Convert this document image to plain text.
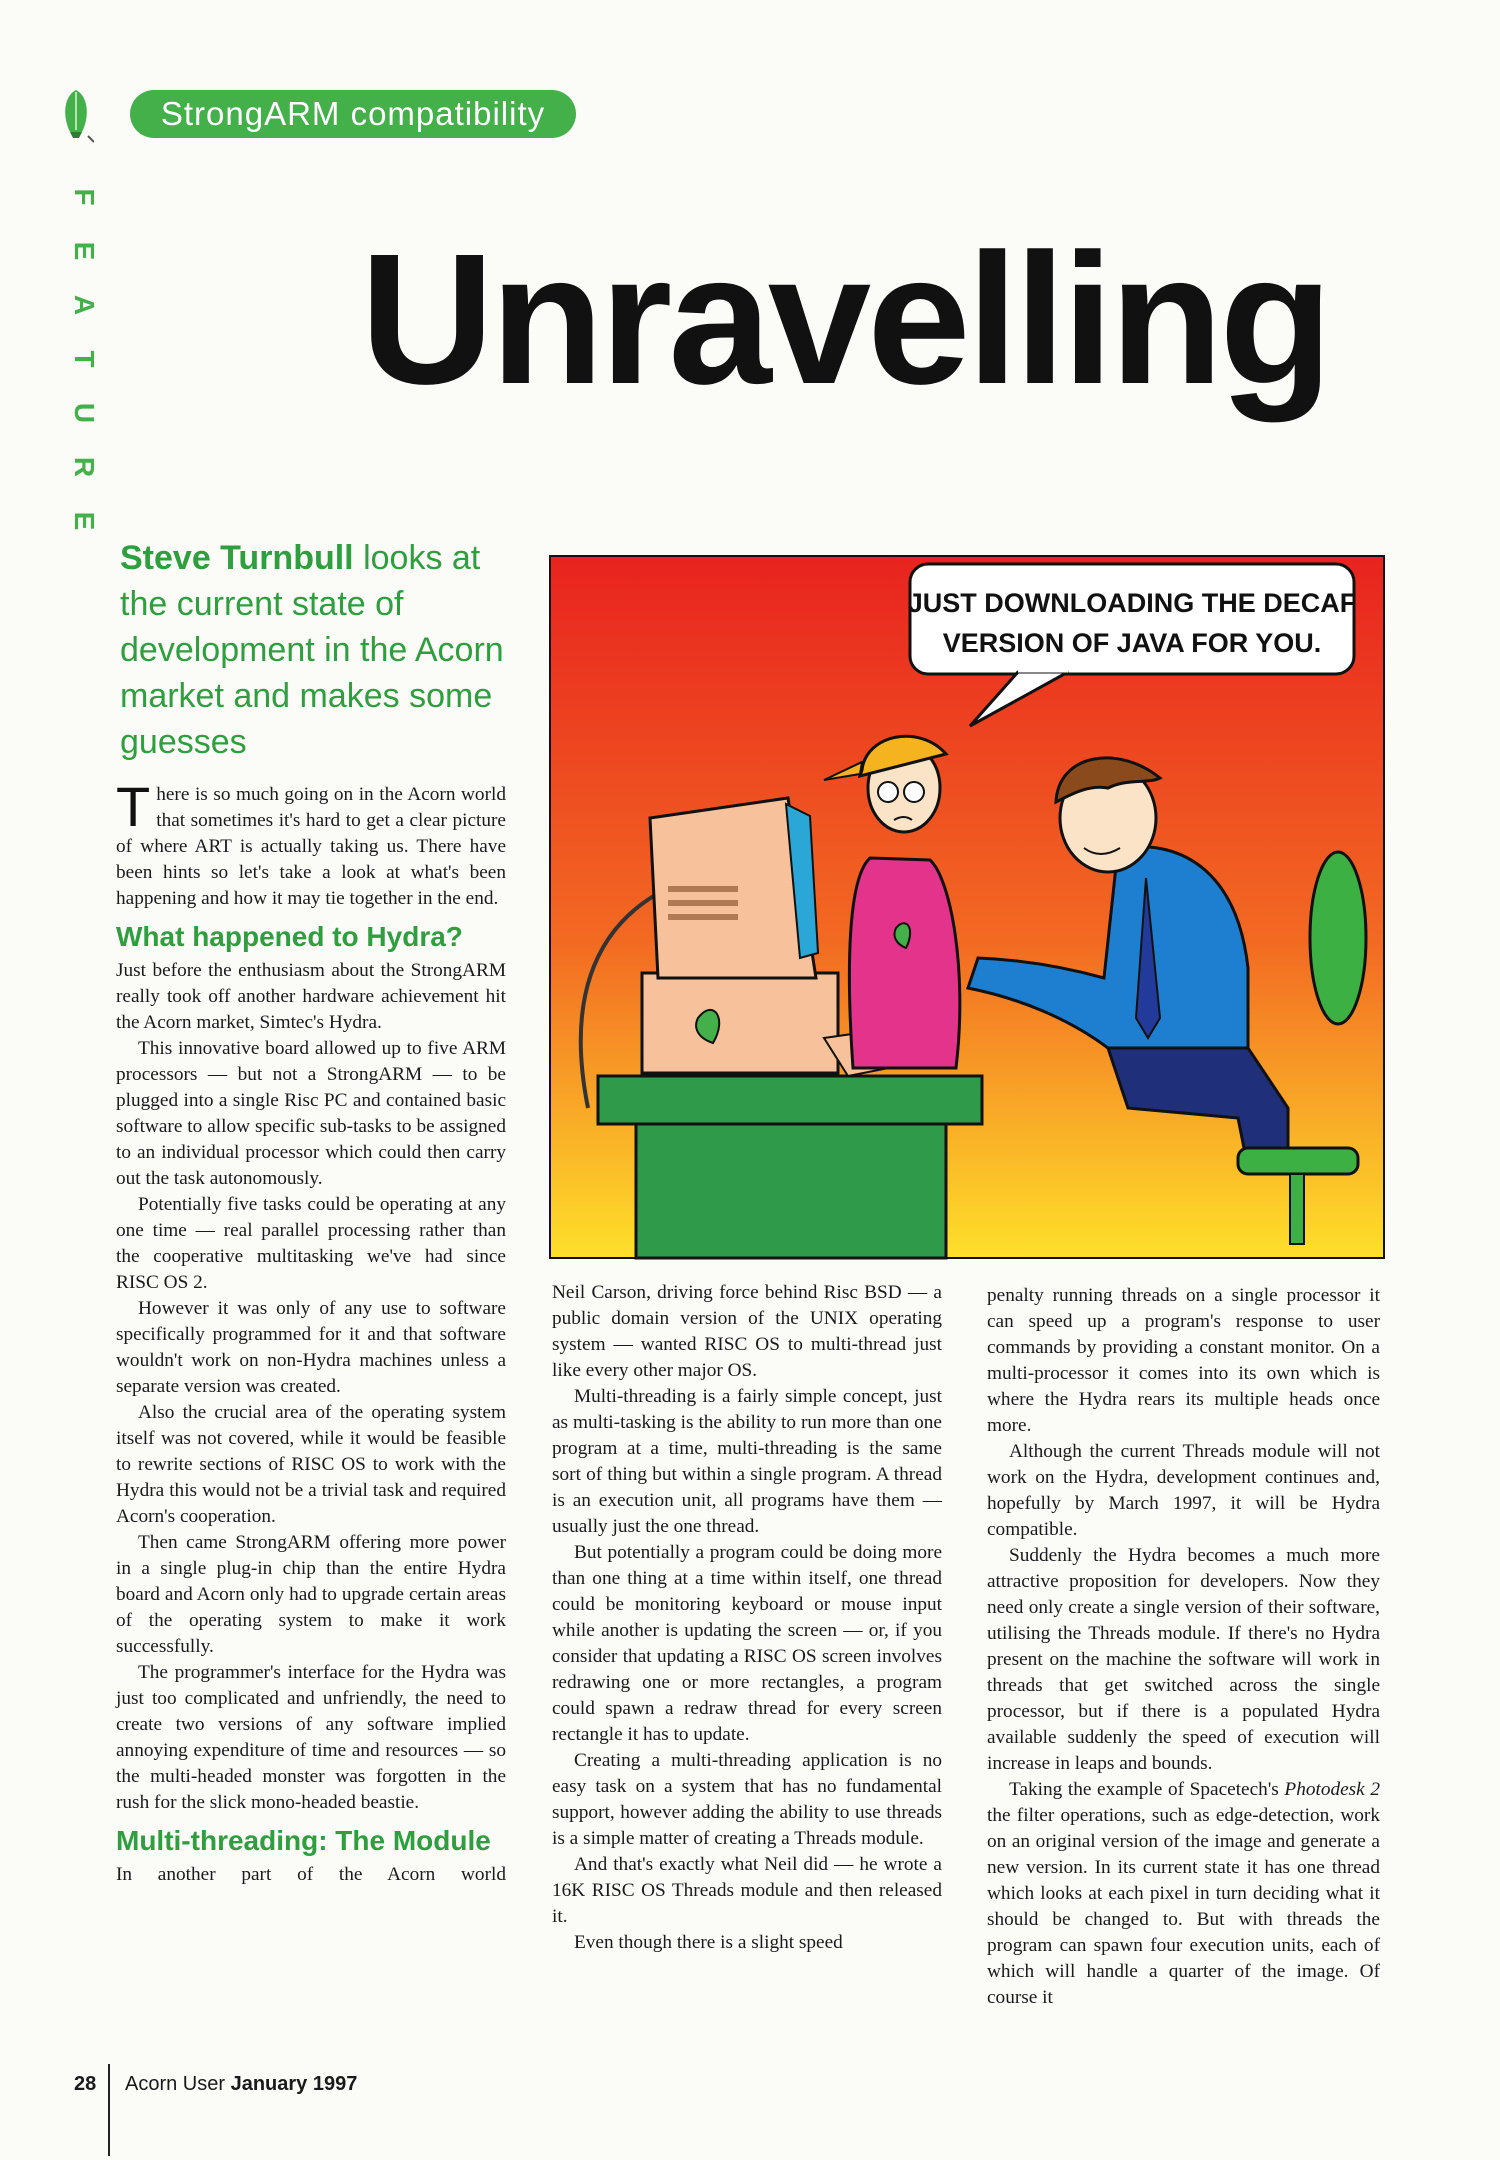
StrongARM compatibility
F
E
A
T
U
R
E
Unravelling

Steve Turnbull looks at the current state of development in the Acorn market and makes some guesses

There is so much going on in the Acorn world that sometimes it's hard to get a clear picture of where ART is actually taking us. There have been hints so let's take a look at what's been happening and how it may tie together in the end.

What happened to Hydra?

Just before the enthusiasm about the StrongARM really took off another hardware achievement hit the Acorn market, Simtec's Hydra.

This innovative board allowed up to five ARM processors — but not a StrongARM — to be plugged into a single Risc PC and contained basic software to allow specific sub-tasks to be assigned to an individual processor which could then carry out the task autonomously.

Potentially five tasks could be operating at any one time — real parallel processing rather than the cooperative multitasking we've had since RISC OS 2.

However it was only of any use to software specifically programmed for it and that software wouldn't work on non-Hydra machines unless a separate version was created.

Also the crucial area of the operating system itself was not covered, while it would be feasible to rewrite sections of RISC OS to work with the Hydra this would not be a trivial task and required Acorn's cooperation.

Then came StrongARM offering more power in a single plug-in chip than the entire Hydra board and Acorn only had to upgrade certain areas of the operating system to make it work successfully.

The programmer's interface for the Hydra was just too complicated and unfriendly, the need to create two versions of any software implied annoying expenditure of time and resources — so the multi-headed monster was forgotten in the rush for the slick mono-headed beastie.

Multi-threading: The Module

In another part of the Acorn world

JUST DOWNLOADING THE DECAF
VERSION OF JAVA FOR YOU.

Neil Carson, driving force behind Risc BSD — a public domain version of the UNIX operating system — wanted RISC OS to multi-thread just like every other major OS.

Multi-threading is a fairly simple concept, just as multi-tasking is the ability to run more than one program at a time, multi-threading is the same sort of thing but within a single program. A thread is an execution unit, all programs have them — usually just the one thread.

But potentially a program could be doing more than one thing at a time within itself, one thread could be monitoring keyboard or mouse input while another is updating the screen — or, if you consider that updating a RISC OS screen involves redrawing one or more rectangles, a program could spawn a redraw thread for every screen rectangle it has to update.

Creating a multi-threading application is no easy task on a system that has no fundamental support, however adding the ability to use threads is a simple matter of creating a Threads module.

And that's exactly what Neil did — he wrote a 16K RISC OS Threads module and then released it.

Even though there is a slight speed

penalty running threads on a single processor it can speed up a program's response to user commands by providing a constant monitor. On a multi-processor it comes into its own which is where the Hydra rears its multiple heads once more.

Although the current Threads module will not work on the Hydra, development continues and, hopefully by March 1997, it will be Hydra compatible.

Suddenly the Hydra becomes a much more attractive proposition for developers. Now they need only create a single version of their software, utilising the Threads module. If there's no Hydra present on the machine the software will work in threads that get switched across the single processor, but if there is a populated Hydra available suddenly the speed of execution will increase in leaps and bounds.

Taking the example of Spacetech's Photodesk 2 the filter operations, such as edge-detection, work on an original version of the image and generate a new version. In its current state it has one thread which looks at each pixel in turn deciding what it should be changed to. But with threads the program can spawn four execution units, each of which will handle a quarter of the image. Of course it

28 Acorn User January 1997
